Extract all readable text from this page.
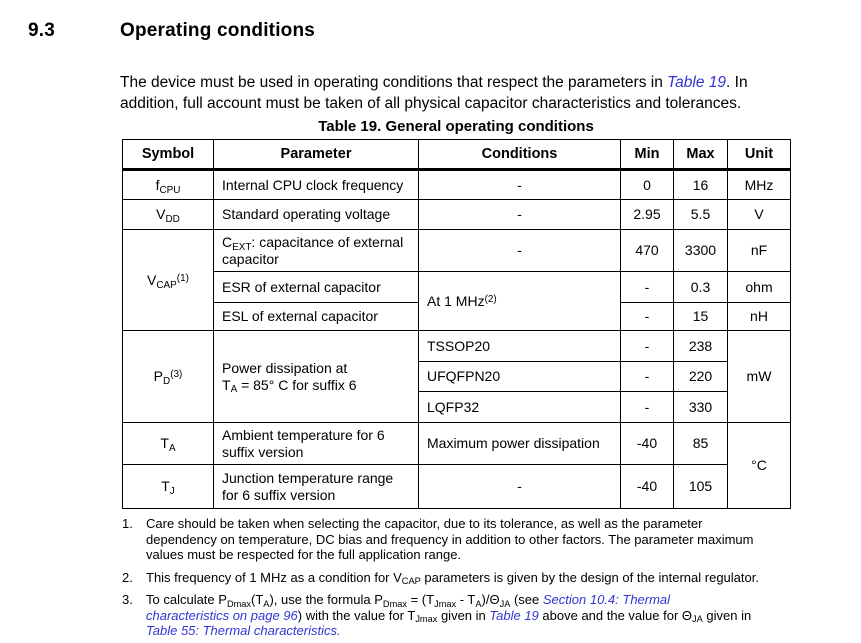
9.3	Operating conditions

The device must be used in operating conditions that respect the parameters in Table 19. In
addition, full account must be taken of all physical capacitor characteristics and tolerances.

Table 19. General operating conditions
Symbol	Parameter	Conditions	Min	Max	Unit
$f_{CPU}$	Internal CPU clock frequency	-	0	16	MHz
$V_{DD}$	Standard operating voltage	-	2.95	5.5	V
$V_{CAP}^{(1)}$	$C_{EXT}$: capacitance of external
capacitor	-	470	3300	nF
	ESR of external capacitor	At 1 MHz$^{(2)}$	-	0.3	ohm
	ESL of external capacitor		-	15	nH
$P_D^{(3)}$	Power dissipation at
$T_A = 85^\circ$ C for suffix 6	TSSOP20	-	238	mW
		UFQFPN20	-	220	
		LQFP32	-	330	
$T_A$	Ambient temperature for 6
suffix version	Maximum power dissipation	-40	85	°C
$T_J$	Junction temperature range
for 6 suffix version	-	-40	105	
1.	Care should be taken when selecting the capacitor, due to its tolerance, as well as the parameter
dependency on temperature, DC bias and frequency in addition to other factors. The parameter maximum
values must be respected for the full application range.
2.	This frequency of 1 MHz as a condition for $V_{CAP}$ parameters is given by the design of the internal regulator.
3.	To calculate $P_{Dmax}(T_A)$, use the formula $P_{Dmax} = (T_{Jmax} - T_A)/\Theta_{JA}$ (see Section 10.4: Thermal
characteristics on page 96) with the value for $T_{Jmax}$ given in Table 19 above and the value for $\Theta_{JA}$ given in
Table 55: Thermal characteristics.
